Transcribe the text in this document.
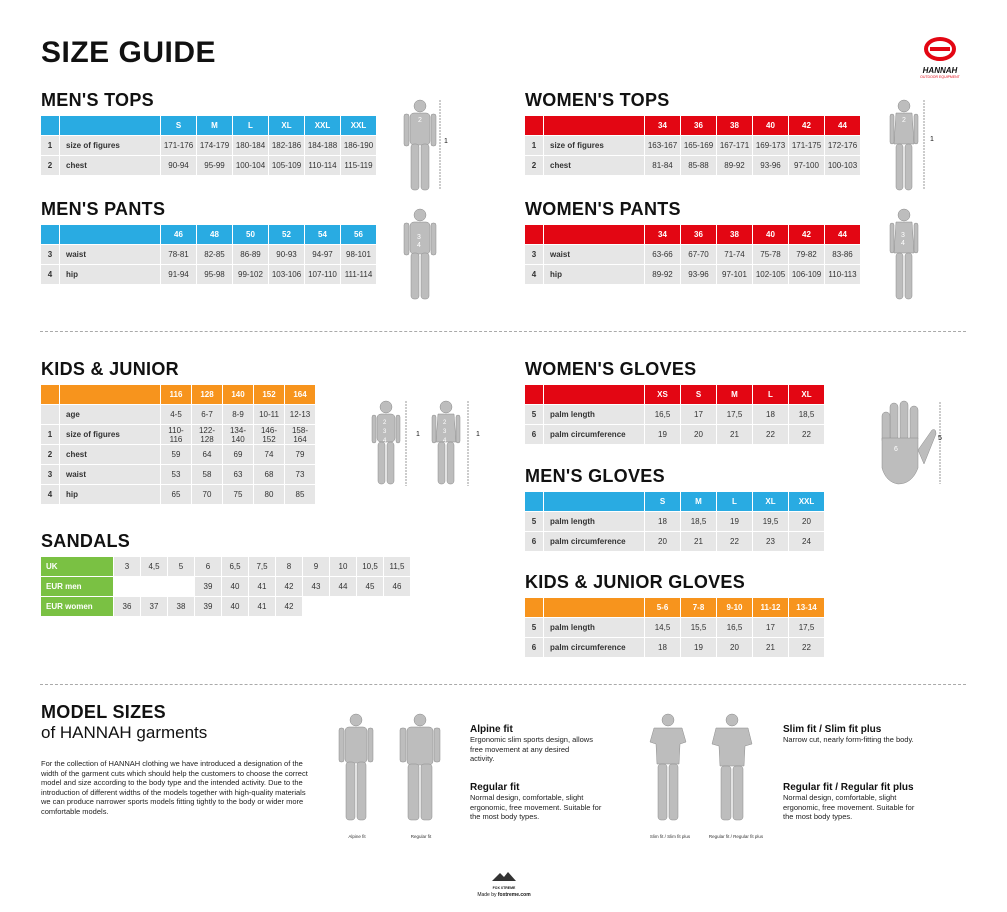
SIZE GUIDE
HANNAH
OUTDOOR EQUIPMENT
MEN'S TOPS
		S	M	L	XL	XXL	XXL
1	size of figures	171-176	174-179	180-184	182-186	184-188	186-190
2	chest	90-94	95-99	100-104	105-109	110-114	115-119
MEN'S PANTS
		46	48	50	52	54	56
3	waist	78-81	82-85	86-89	90-93	94-97	98-101
4	hip	91-94	95-98	99-102	103-106	107-110	111-114
WOMEN'S TOPS
		34	36	38	40	42	44
1	size of figures	163-167	165-169	167-171	169-173	171-175	172-176
2	chest	81-84	85-88	89-92	93-96	97-100	100-103
WOMEN'S PANTS
		34	36	38	40	42	44
3	waist	63-66	67-70	71-74	75-78	79-82	83-86
4	hip	89-92	93-96	97-101	102-105	106-109	110-113
2
1
3
4
2
1
3
4
KIDS & JUNIOR
		116	128	140	152	164
	age	4-5	6-7	8-9	10-11	12-13
1	size of figures	110-116	122-128	134-140	146-152	158-164
2	chest	59	64	69	74	79
3	waist	53	58	63	68	73
4	hip	65	70	75	80	85
2
3
4
1
2
3
4
1
SANDALS
UK	3	4,5	5	6	6,5	7,5	8	9	10	10,5	11,5
EUR men				39	40	41	42	43	44	45	46
EUR women	36	37	38	39	40	41	42				
WOMEN'S GLOVES
		XS	S	M	L	XL
5	palm length	16,5	17	17,5	18	18,5
6	palm circumference	19	20	21	22	22
MEN'S GLOVES
		S	M	L	XL	XXL
5	palm length	18	18,5	19	19,5	20
6	palm circumference	20	21	22	23	24
KIDS & JUNIOR GLOVES
		5-6	7-8	9-10	11-12	13-14
5	palm length	14,5	15,5	16,5	17	17,5
6	palm circumference	18	19	20	21	22
6
5
MODEL SIZES
of HANNAH garments
For the collection of HANNAH clothing we have introduced a designation of the width of the garment cuts which should help the customers to choose the correct model and size according to the body type and the intended activity. Due to the introduction of different widths of the models together with high-quality materials we can produce narrower sports models fitting tightly to the body or wider more comfortable models.
Alpine fit	Regular fit
Alpine fit
Ergonomic slim sports design, allows free movement at any desired activity.
Regular fit
Normal design, comfortable, slight ergonomic, free movement. Suitable for the most body types.
Slim fit / Slim fit plus	Regular fit / Regular fit plus
Slim fit / Slim fit plus
Narrow cut, nearly form-fitting the body.
Regular fit / Regular fit plus
Normal design, comfortable, slight ergonomic, free movement. Suitable for the most body types.
FOX XTREME
Made by foxtreme.com
